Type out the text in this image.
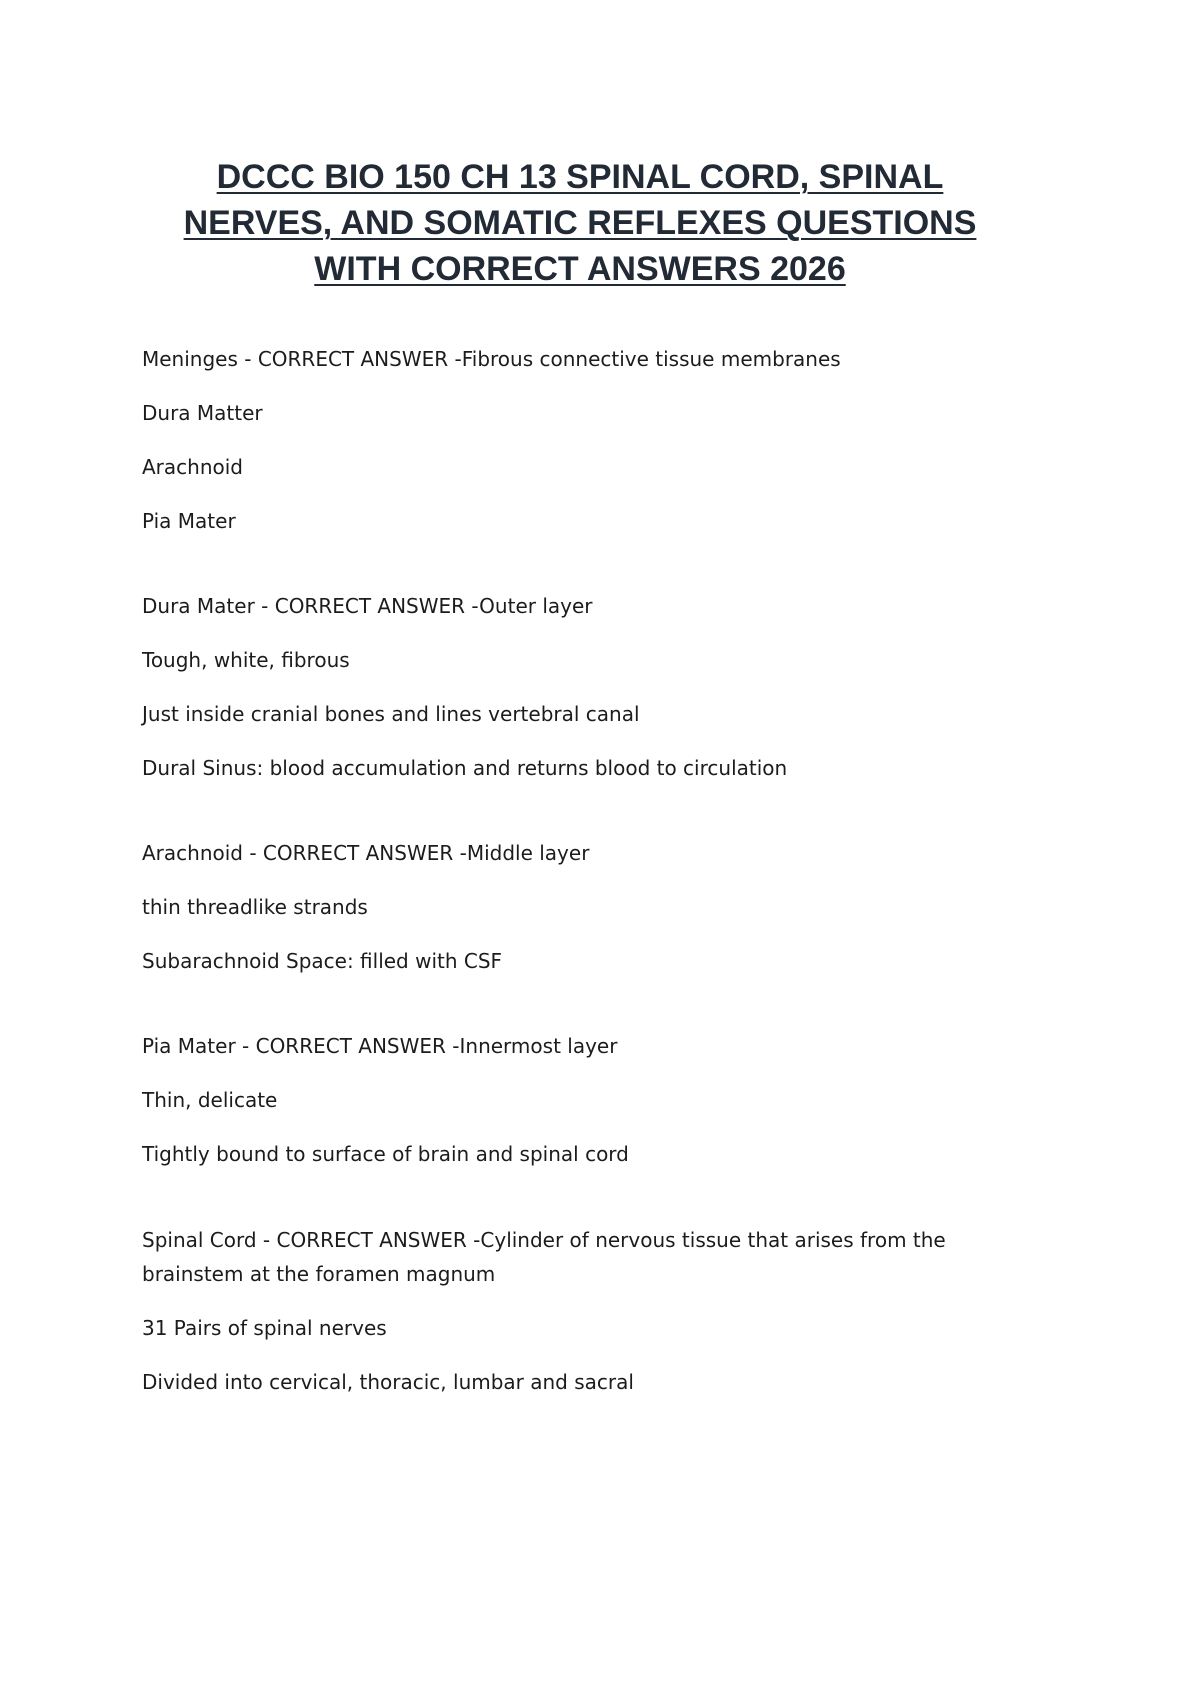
DCCC BIO 150 CH 13 SPINAL CORD, SPINAL
NERVES, AND SOMATIC REFLEXES QUESTIONS
WITH CORRECT ANSWERS 2026

Meninges - CORRECT ANSWER -Fibrous connective tissue membranes

Dura Matter

Arachnoid

Pia Mater

Dura Mater - CORRECT ANSWER -Outer layer

Tough, white, fibrous

Just inside cranial bones and lines vertebral canal

Dural Sinus: blood accumulation and returns blood to circulation

Arachnoid - CORRECT ANSWER -Middle layer

thin threadlike strands

Subarachnoid Space: filled with CSF

Pia Mater - CORRECT ANSWER -Innermost layer

Thin, delicate

Tightly bound to surface of brain and spinal cord

Spinal Cord - CORRECT ANSWER -Cylinder of nervous tissue that arises from the brainstem at the foramen magnum

31 Pairs of spinal nerves

Divided into cervical, thoracic, lumbar and sacral
